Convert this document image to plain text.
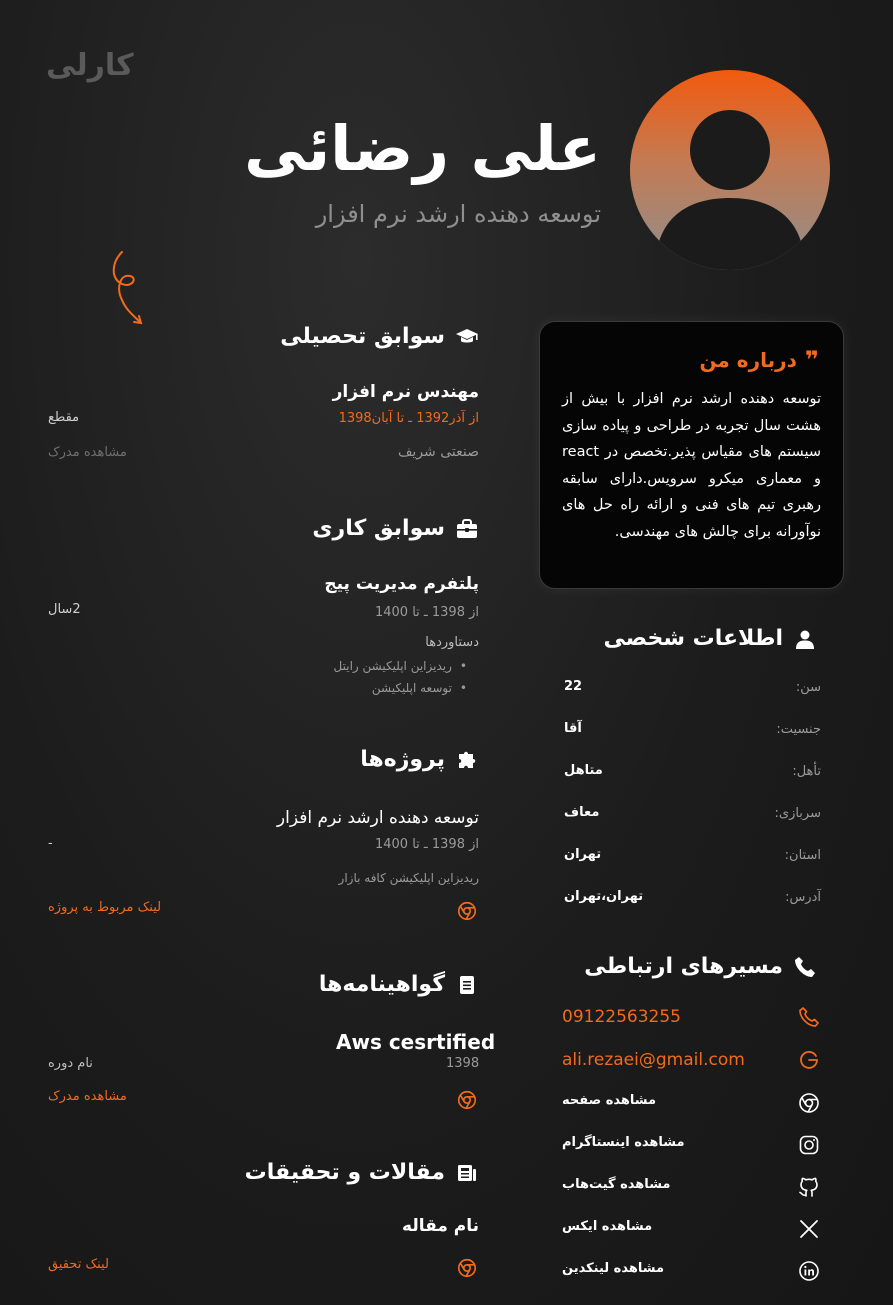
کارلی
علی رضائی
توسعه دهنده ارشد نرم افزار
سوابق تحصیلی
مهندس نرم افزار
از آذر1392 ـ تا آبان1398
صنعتی شریف
مقطع
مشاهده مدرک
سوابق کاری
پلتفرم مدیریت پیج
از 1398 ـ تا 1400
دستاوردها
• ریدیزاین اپلیکیشن رایتل
• توسعه اپلیکیشن
2سال
پروژه‌ها
توسعه دهنده ارشد نرم افزار
از 1398 ـ تا 1400
ریدیزاین اپلیکیشن کافه بازار
-
لینک مربوط به پروژه
گواهینامه‌ها
Aws cesrtified
1398
نام دوره
مشاهده مدرک
مقالات و تحقیقات
نام مقاله
لینک تحقیق
❞
درباره من
توسعه دهنده ارشد نرم افزار با بیش از هشت سال تجربه در طراحی و پیاده سازی سیستم های مقیاس پذیر.تخصص در react و معماری میکرو سرویس.دارای سابقه رهبری تیم های فنی و ارائه راه حل های نوآورانه برای چالش های مهندسی.
اطلاعات شخصی
سن:
22
جنسیت:
آقا
تأهل:
متاهل
سربازی:
معاف
استان:
تهران
آدرس:
تهران،تهران
مسیرهای ارتباطی
09122563255
ali.rezaei@gmail.com
مشاهده صفحه
مشاهده اینستاگرام
مشاهده گیت‌هاب
مشاهده ایکس
مشاهده لینکدین
